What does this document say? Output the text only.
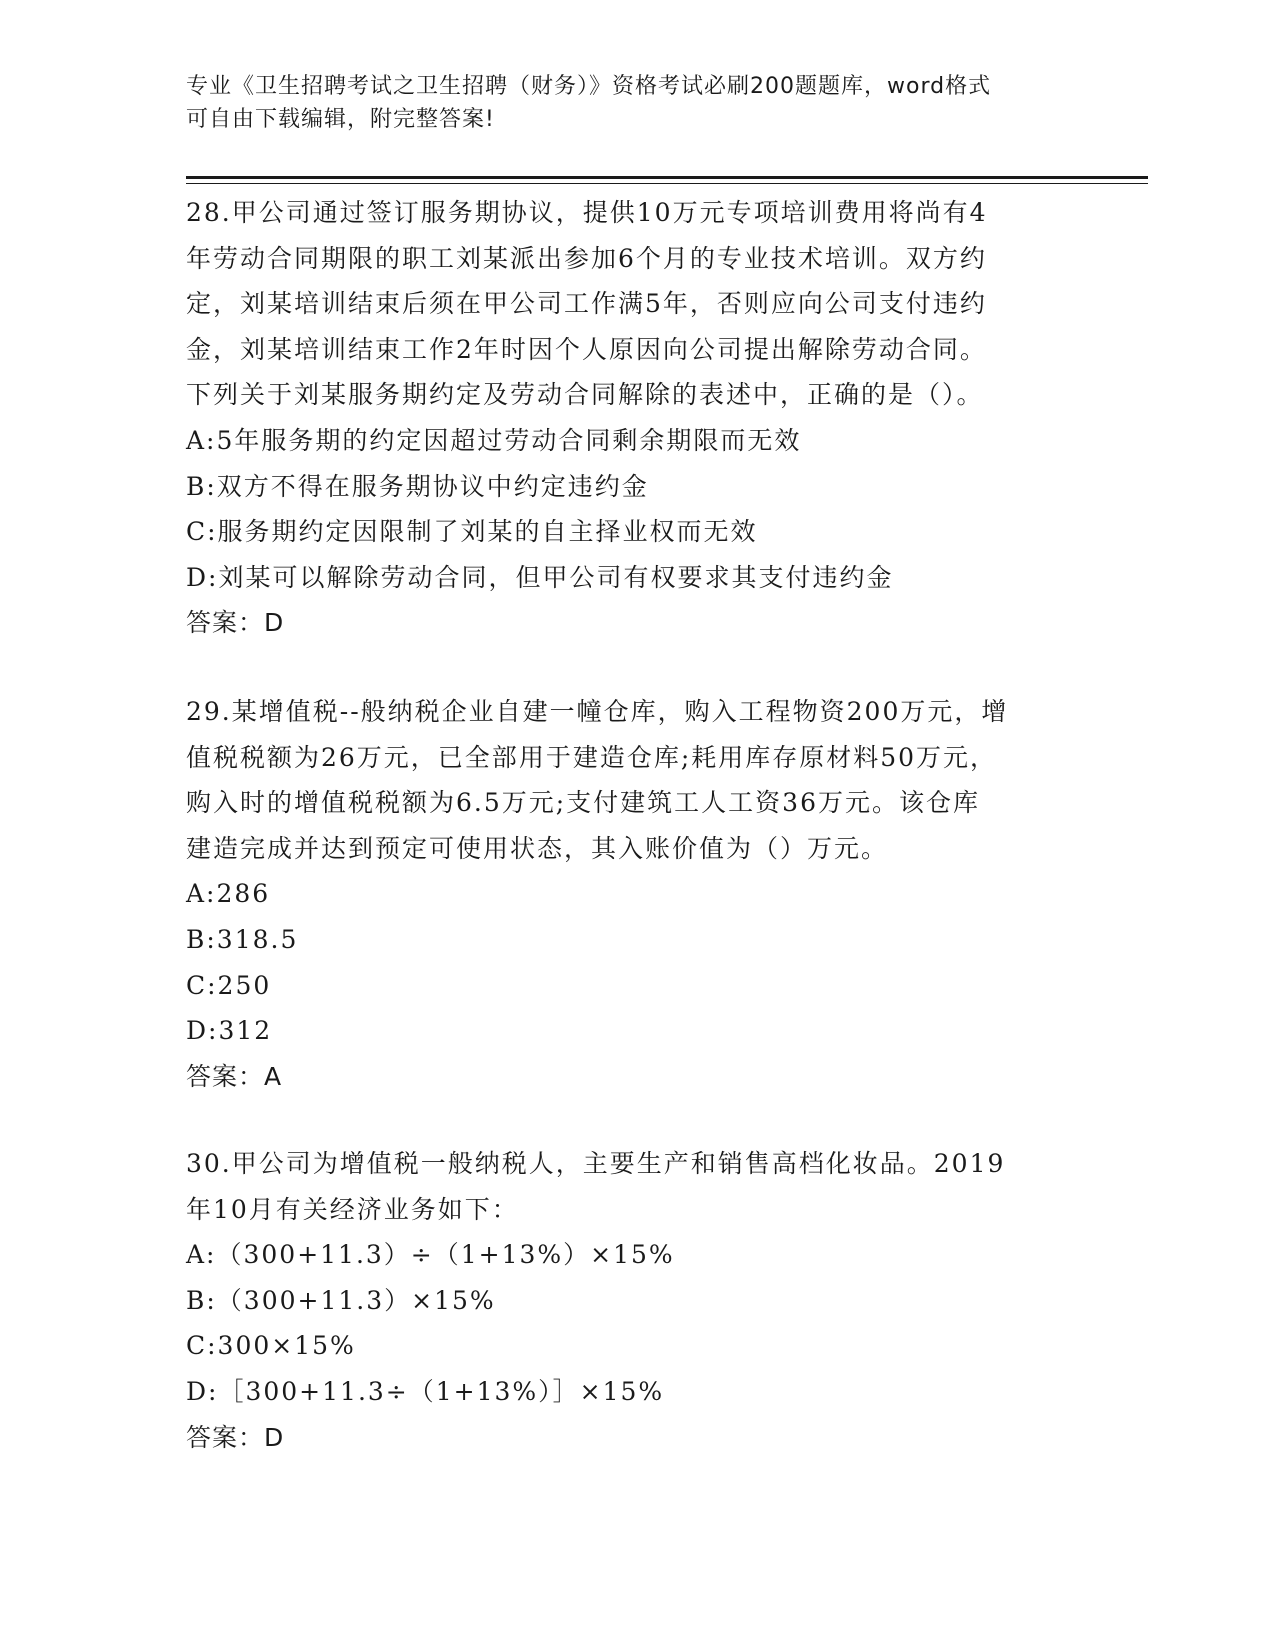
专业《卫生招聘考试之卫生招聘（财务）》资格考试必刷200题题库，word格式
可自由下载编辑，附完整答案!
28.甲公司通过签订服务期协议，提供10万元专项培训费用将尚有4
年劳动合同期限的职工刘某派出参加6个月的专业技术培训。双方约
定，刘某培训结束后须在甲公司工作满5年，否则应向公司支付违约
金，刘某培训结束工作2年时因个人原因向公司提出解除劳动合同。
下列关于刘某服务期约定及劳动合同解除的表述中，正确的是（）。
A:5年服务期的约定因超过劳动合同剩余期限而无效
B:双方不得在服务期协议中约定违约金
C:服务期约定因限制了刘某的自主择业权而无效
D:刘某可以解除劳动合同，但甲公司有权要求其支付违约金
答案：D
29.某增值税--般纳税企业自建一幢仓库，购入工程物资200万元，增
值税税额为26万元，已全部用于建造仓库;耗用库存原材料50万元，
购入时的增值税税额为6.5万元;支付建筑工人工资36万元。该仓库
建造完成并达到预定可使用状态，其入账价值为（）万元。
A:286
B:318.5
C:250
D:312
答案：A
30.甲公司为增值税一般纳税人，主要生产和销售高档化妆品。2019
年10月有关经济业务如下：
A:（300+11.3）÷（1+13%）×15%
B:（300+11.3）×15%
C:300×15%
D:［300+11.3÷（1+13%）］×15%
答案：D
